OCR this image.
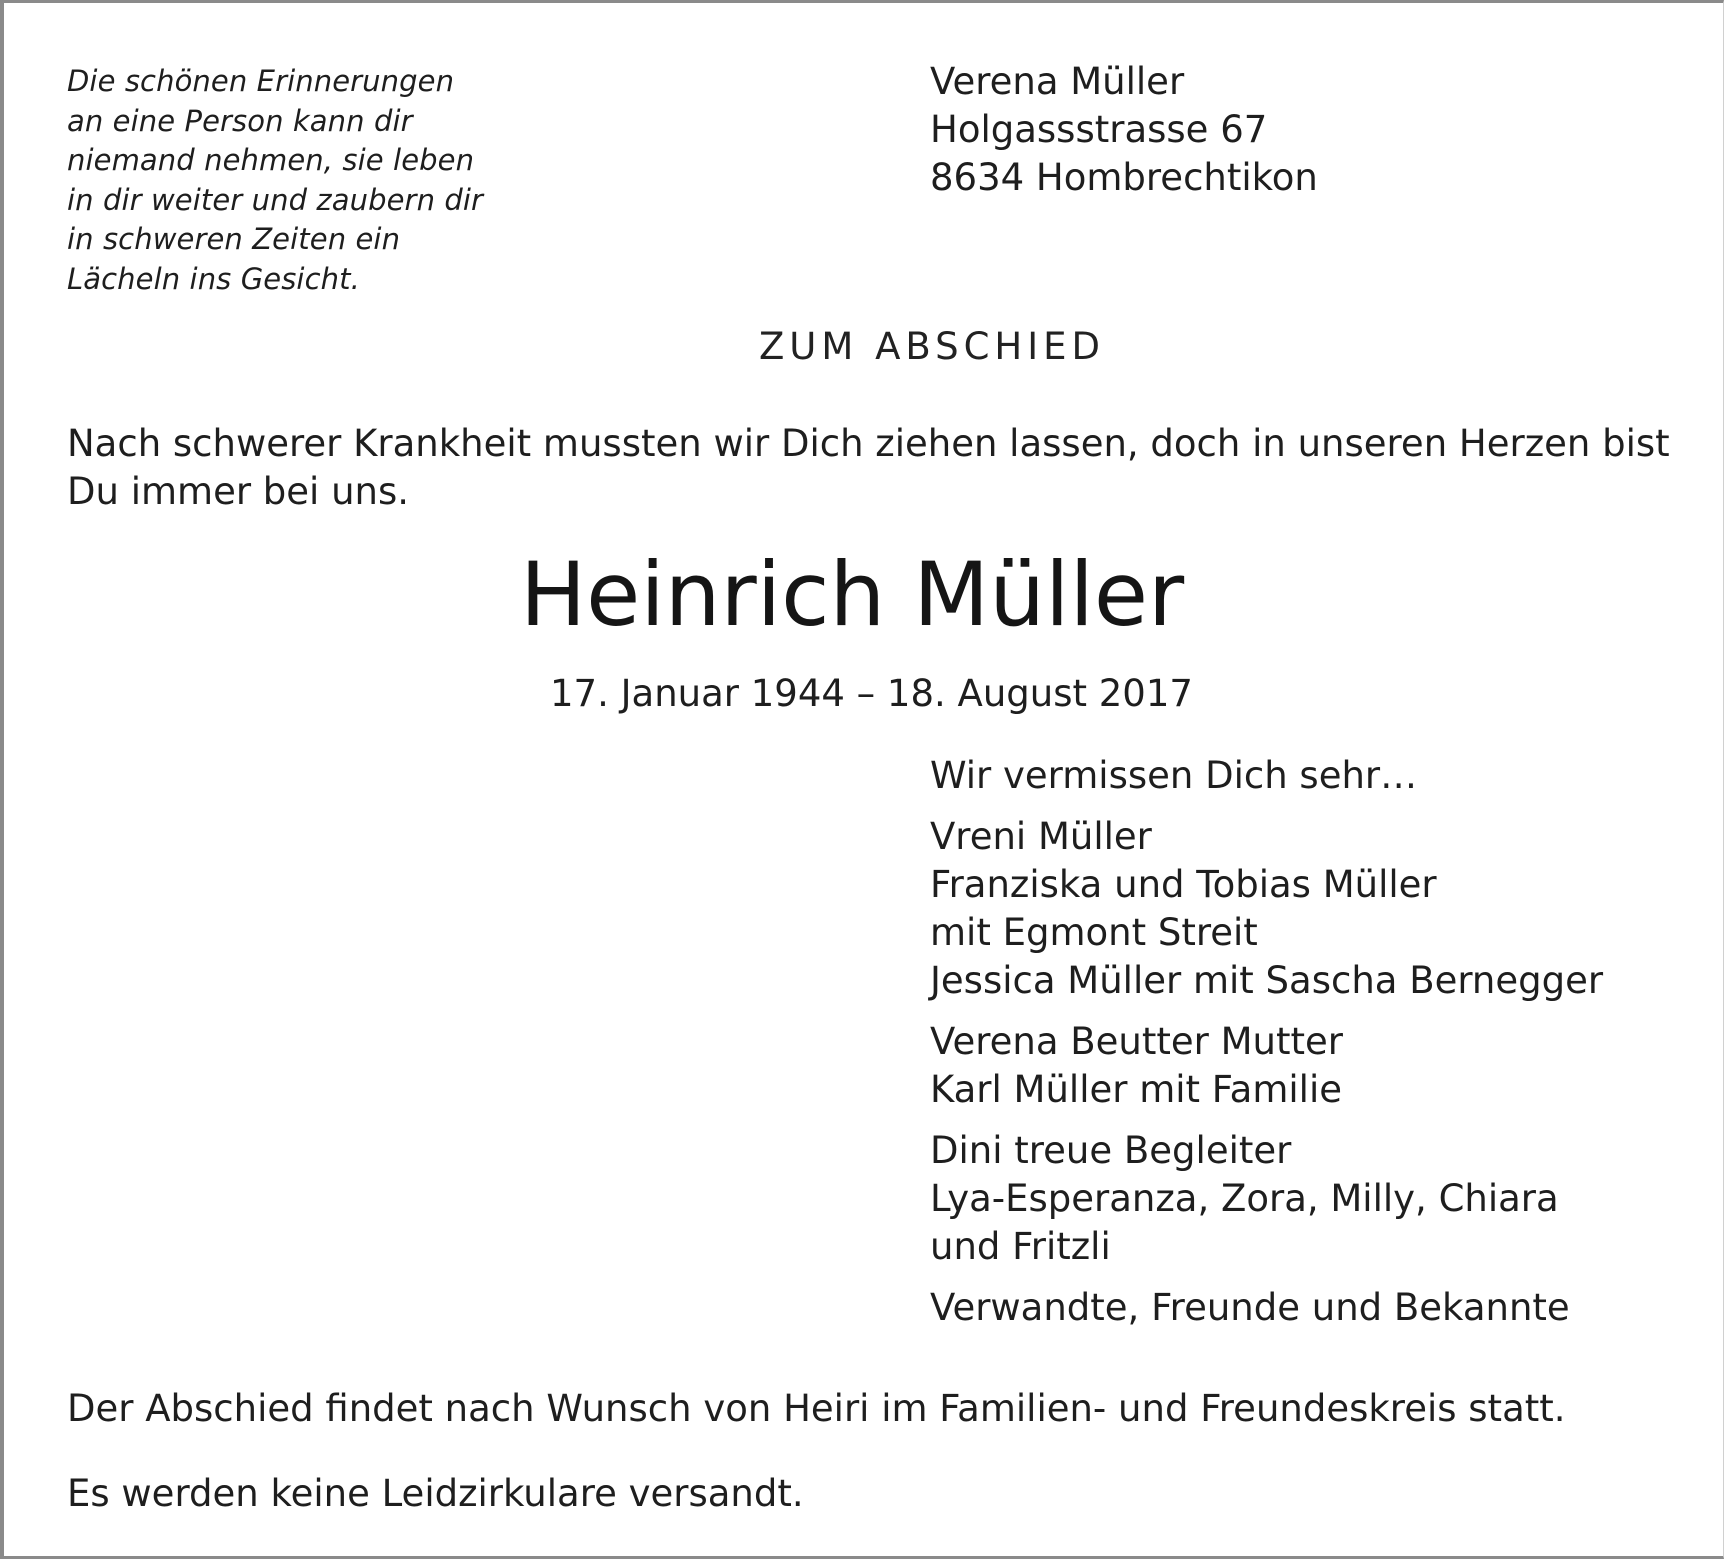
Die schönen Erinnerungen
an eine Person kann dir
niemand nehmen, sie leben
in dir weiter und zaubern dir
in schweren Zeiten ein
Lächeln ins Gesicht.
Verena Müller
Holgassstrasse 67
8634 Hombrechtikon
ZUM ABSCHIED
Nach schwerer Krankheit mussten wir Dich ziehen lassen, doch in unseren Herzen bist
Du immer bei uns.
Heinrich Müller
17. Januar 1944 – 18. August 2017
Wir vermissen Dich sehr…
Vreni Müller
Franziska und Tobias Müller
mit Egmont Streit
Jessica Müller mit Sascha Bernegger
Verena Beutter Mutter
Karl Müller mit Familie
Dini treue Begleiter
Lya-Esperanza, Zora, Milly, Chiara
und Fritzli
Verwandte, Freunde und Bekannte
Der Abschied findet nach Wunsch von Heiri im Familien- und Freundeskreis statt.
Es werden keine Leidzirkulare versandt.
